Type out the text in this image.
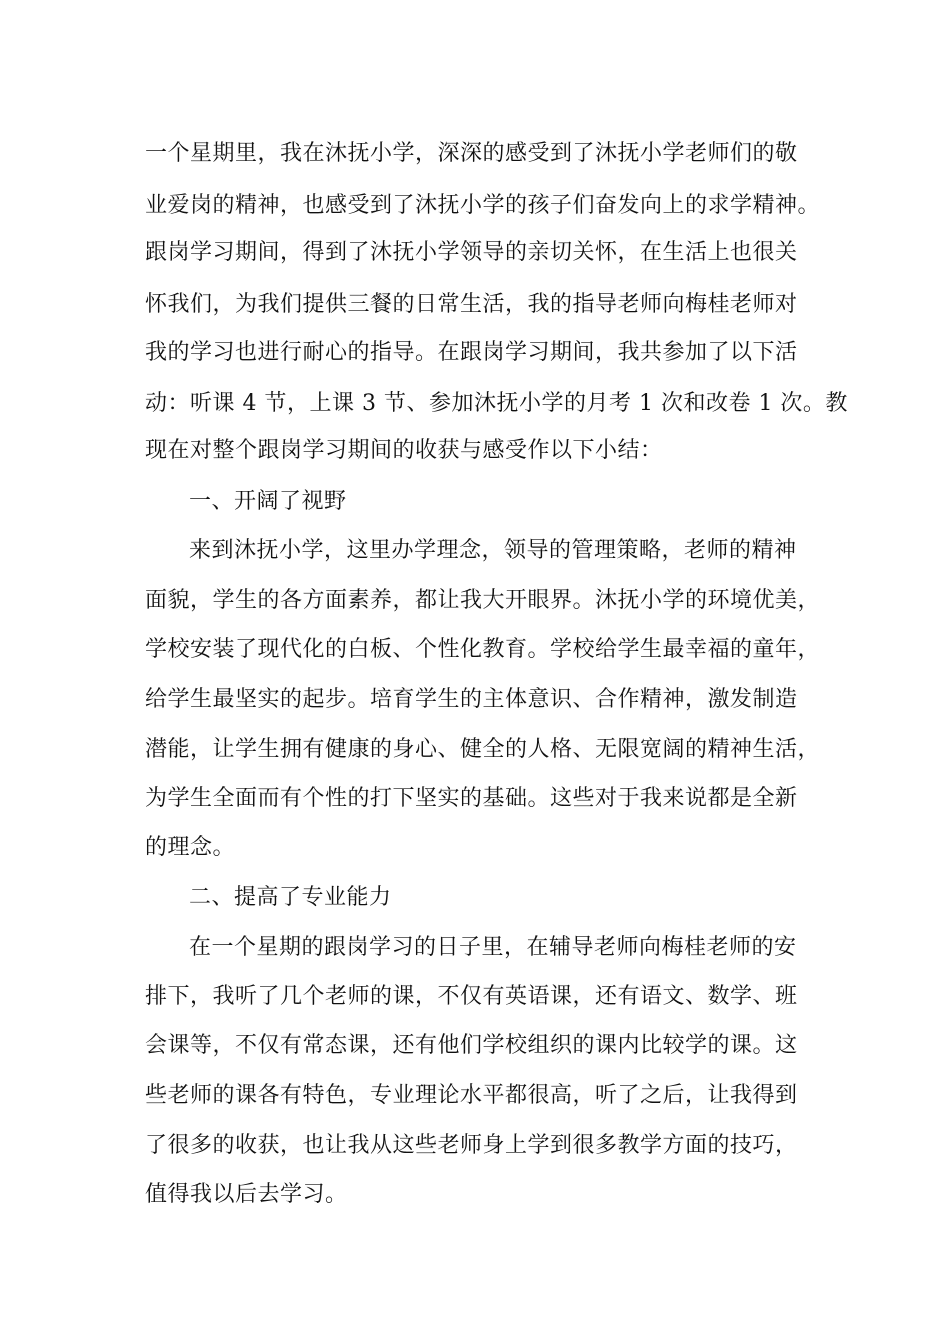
一个星期里，我在沐抚小学，深深的感受到了沐抚小学老师们的敬
业爱岗的精神，也感受到了沐抚小学的孩子们奋发向上的求学精神。
跟岗学习期间，得到了沐抚小学领导的亲切关怀，在生活上也很关
怀我们，为我们提供三餐的日常生活，我的指导老师向梅桂老师对
我的学习也进行耐心的指导。在跟岗学习期间，我共参加了以下活
动：听课 4 节，上课 3 节、参加沐抚小学的月考 1 次和改卷 1 次。教
现在对整个跟岗学习期间的收获与感受作以下小结：
一、开阔了视野
来到沐抚小学，这里办学理念，领导的管理策略，老师的精神
面貌，学生的各方面素养，都让我大开眼界。沐抚小学的环境优美，
学校安装了现代化的白板、个性化教育。学校给学生最幸福的童年，
给学生最坚实的起步。培育学生的主体意识、合作精神，激发制造
潜能，让学生拥有健康的身心、健全的人格、无限宽阔的精神生活，
为学生全面而有个性的打下坚实的基础。这些对于我来说都是全新
的理念。
二、提高了专业能力
在一个星期的跟岗学习的日子里，在辅导老师向梅桂老师的安
排下，我听了几个老师的课，不仅有英语课，还有语文、数学、班
会课等，不仅有常态课，还有他们学校组织的课内比较学的课。这
些老师的课各有特色，专业理论水平都很高，听了之后，让我得到
了很多的收获，也让我从这些老师身上学到很多教学方面的技巧，
值得我以后去学习。
